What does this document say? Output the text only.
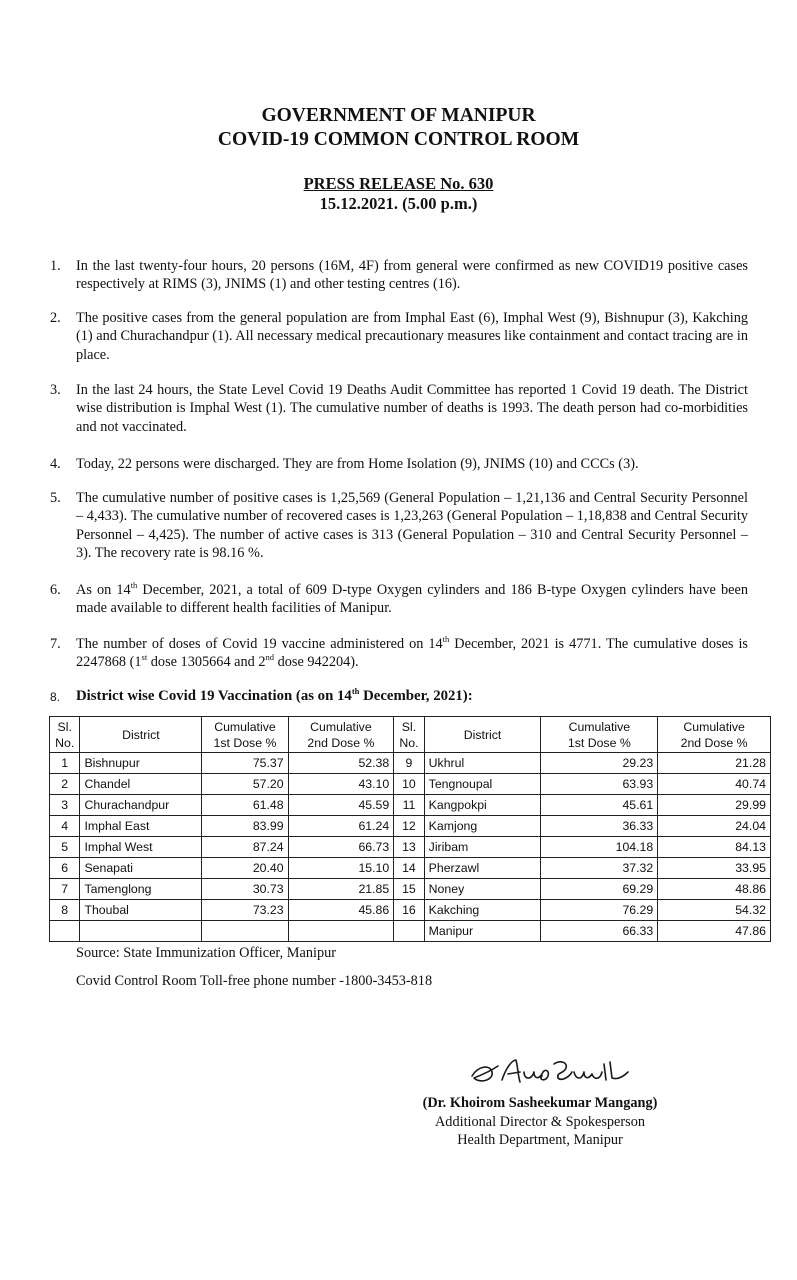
GOVERNMENT OF MANIPUR
COVID-19 COMMON CONTROL ROOM
PRESS RELEASE No. 630
15.12.2021. (5.00 p.m.)
1. In the last twenty-four hours, 20 persons (16M, 4F) from general were confirmed as new COVID19 positive cases respectively at RIMS (3), JNIMS (1) and other testing centres (16).
2. The positive cases from the general population are from Imphal East (6), Imphal West (9), Bishnupur (3), Kakching (1) and Churachandpur (1). All necessary medical precautionary measures like containment and contact tracing are in place.
3. In the last 24 hours, the State Level Covid 19 Deaths Audit Committee has reported 1 Covid 19 death. The District wise distribution is Imphal West (1). The cumulative number of deaths is 1993. The death person had co-morbidities and not vaccinated.
4. Today, 22 persons were discharged. They are from Home Isolation (9), JNIMS (10) and CCCs (3).
5. The cumulative number of positive cases is 1,25,569 (General Population – 1,21,136 and Central Security Personnel – 4,433). The cumulative number of recovered cases is 1,23,263 (General Population – 1,18,838 and Central Security Personnel – 4,425). The number of active cases is 313 (General Population – 310 and Central Security Personnel – 3). The recovery rate is 98.16 %.
6. As on 14th December, 2021, a total of 609 D-type Oxygen cylinders and 186 B-type Oxygen cylinders have been made available to different health facilities of Manipur.
7. The number of doses of Covid 19 vaccine administered on 14th December, 2021 is 4771. The cumulative doses is 2247868 (1st dose 1305664 and 2nd dose 942204).
8. District wise Covid 19 Vaccination (as on 14th December, 2021):
Sl.
No.	District	Cumulative
1st Dose %	Cumulative
2nd Dose %	Sl.
No.	District	Cumulative
1st Dose %	Cumulative
2nd Dose %
1	Bishnupur	75.37	52.38	9	Ukhrul	29.23	21.28
2	Chandel	57.20	43.10	10	Tengnoupal	63.93	40.74
3	Churachandpur	61.48	45.59	11	Kangpokpi	45.61	29.99
4	Imphal East	83.99	61.24	12	Kamjong	36.33	24.04
5	Imphal West	87.24	66.73	13	Jiribam	104.18	84.13
6	Senapati	20.40	15.10	14	Pherzawl	37.32	33.95
7	Tamenglong	30.73	21.85	15	Noney	69.29	48.86
8	Thoubal	73.23	45.86	16	Kakching	76.29	54.32
					Manipur	66.33	47.86
Source: State Immunization Officer, Manipur
Covid Control Room Toll-free phone number -1800-3453-818
(Dr. Khoirom Sasheekumar Mangang)
Additional Director & Spokesperson
Health Department, Manipur
